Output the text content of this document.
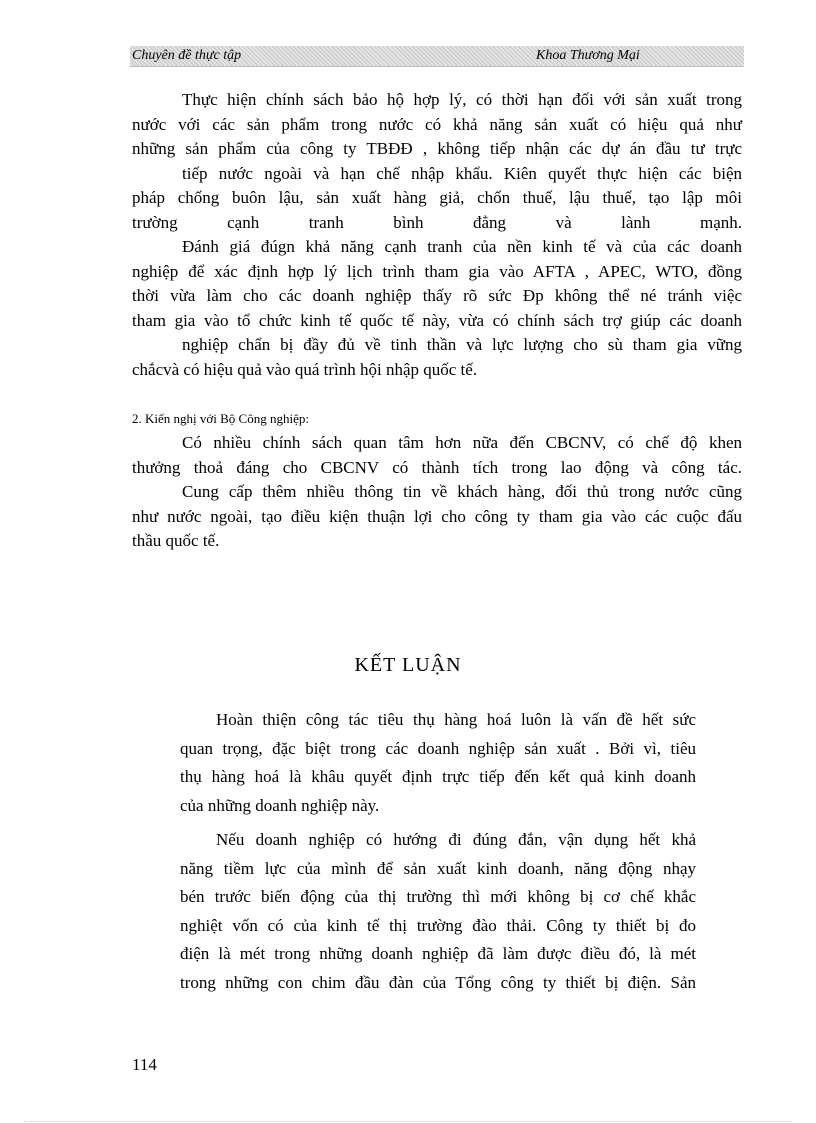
Chuyên đề thực tập	Khoa Thương Mại
Thực hiện chính sách bảo hộ hợp lý, có thời hạn đối với sản xuất trong
nước với các sản phẩm trong nước có khả năng sản xuất có hiệu quả như
những sản phẩm của công ty TBĐĐ , không tiếp nhận các dự án đầu tư trực
tiếp nước ngoài và hạn chế nhập khẩu. Kiên quyết thực hiện các biện
pháp chống buôn lậu, sản xuất hàng giả, chốn thuế, lậu thuế, tạo lập môi
trường cạnh tranh bình đẳng và lành mạnh.
Đánh giá đúgn khả năng cạnh tranh của nền kinh tế và của các doanh
nghiệp để xác định hợp lý lịch trình tham gia vào AFTA , APEC, WTO, đồng
thời vừa làm cho các doanh nghiệp thấy rõ sức Ðp không thể né tránh việc
tham gia vào tổ chức kinh tế quốc tế này, vừa có chính sách trợ giúp các doanh
nghiệp chẩn bị đầy đủ về tinh thần và lực lượng cho sù tham gia vững
chắcvà có hiệu quả vào quá trình hội nhập quốc tế.
2. Kiến nghị với Bộ Công nghiệp:
Có nhiều chính sách quan tâm hơn nữa đến CBCNV, có chế độ khen
thưởng thoả đáng cho CBCNV có thành tích trong lao động và công tác.
Cung cấp thêm nhiều thông tin về khách hàng, đối thủ trong nước cũng
như nước ngoài, tạo điều kiện thuận lợi cho công ty tham gia vào các cuộc đấu
thầu quốc tế.
KẾT LUẬN
Hoàn thiện công tác tiêu thụ hàng hoá luôn là vấn đề hết sức
quan trọng, đặc biệt trong các doanh nghiệp sản xuất . Bởi vì, tiêu
thụ hàng hoá là khâu quyết định trực tiếp đến kết quả kinh doanh
của những doanh nghiệp này.
Nếu doanh nghiệp có hướng đi đúng đắn, vận dụng hết khả
năng tiềm lực của mình để sản xuất kinh doanh, năng động nhạy
bén trước biến động của thị trường thì mới không bị cơ chế khắc
nghiệt vốn có của kinh tế thị trường đào thải. Công ty thiết bị đo
điện là mét trong những doanh nghiệp đã làm được điều đó, là mét
trong những con chim đầu đàn của Tổng công ty thiết bị điện. Sản
114
